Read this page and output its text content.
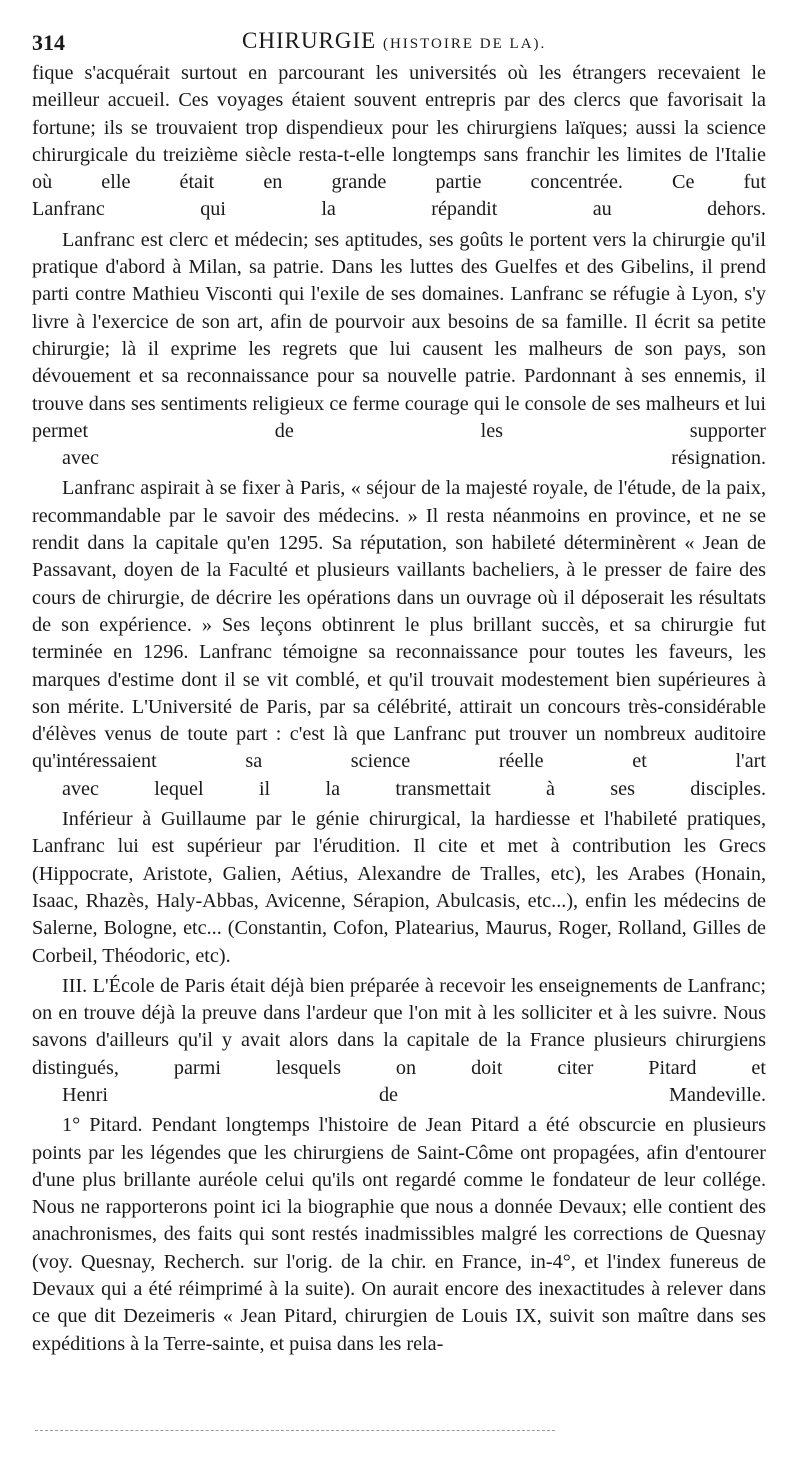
314	CHIRURGIE (HISTOIRE DE LA).

fique s'acquérait surtout en parcourant les universités où les étrangers recevaient le meilleur accueil. Ces voyages étaient souvent entrepris par des clercs que favorisait la fortune; ils se trouvaient trop dispendieux pour les chirurgiens laïques; aussi la science chirurgicale du treizième siècle resta-t-elle longtemps sans franchir les limites de l'Italie où elle était en grande partie concentrée. Ce fut
Lanfranc qui la répandit au dehors.

Lanfranc est clerc et médecin; ses aptitudes, ses goûts le portent vers la chirurgie qu'il pratique d'abord à Milan, sa patrie. Dans les luttes des Guelfes et des Gibelins, il prend parti contre Mathieu Visconti qui l'exile de ses domaines. Lanfranc se réfugie à Lyon, s'y livre à l'exercice de son art, afin de pourvoir aux besoins de sa famille. Il écrit sa petite chirurgie; là il exprime les regrets que lui causent les malheurs de son pays, son dévouement et sa reconnaissance pour sa nouvelle patrie. Pardonnant à ses ennemis, il trouve dans ses sentiments religieux ce ferme courage qui le console de ses malheurs et lui permet de les supporter
avec résignation.

Lanfranc aspirait à se fixer à Paris, « séjour de la majesté royale, de l'étude, de la paix, recommandable par le savoir des médecins. » Il resta néanmoins en province, et ne se rendit dans la capitale qu'en 1295. Sa réputation, son habileté déterminèrent « Jean de Passavant, doyen de la Faculté et plusieurs vaillants bacheliers, à le presser de faire des cours de chirurgie, de décrire les opérations dans un ouvrage où il déposerait les résultats de son expérience. » Ses leçons obtinrent le plus brillant succès, et sa chirurgie fut terminée en 1296. Lanfranc témoigne sa reconnaissance pour toutes les faveurs, les marques d'estime dont il se vit comblé, et qu'il trouvait modestement bien supérieures à son mérite. L'Université de Paris, par sa célébrité, attirait un concours très-considérable d'élèves venus de toute part : c'est là que Lanfranc put trouver un nombreux auditoire qu'intéressaient sa science réelle et l'art
avec lequel il la transmettait à ses disciples.

Inférieur à Guillaume par le génie chirurgical, la hardiesse et l'habileté pratiques, Lanfranc lui est supérieur par l'érudition. Il cite et met à contribution les Grecs (Hippocrate, Aristote, Galien, Aétius, Alexandre de Tralles, etc), les Arabes (Honain, Isaac, Rhazès, Haly-Abbas, Avicenne, Sérapion, Abulcasis, etc...), enfin les médecins de Salerne, Bologne, etc... (Constantin, Cofon, Platearius, Maurus, Roger, Rolland, Gilles de Corbeil, Théodoric, etc).

III. L'École de Paris était déjà bien préparée à recevoir les enseignements de Lanfranc; on en trouve déjà la preuve dans l'ardeur que l'on mit à les solliciter et à les suivre. Nous savons d'ailleurs qu'il y avait alors dans la capitale de la France plusieurs chirurgiens distingués, parmi lesquels on doit citer Pitard et
Henri de Mandeville.

1° Pitard. Pendant longtemps l'histoire de Jean Pitard a été obscurcie en plusieurs points par les légendes que les chirurgiens de Saint-Côme ont propagées, afin d'entourer d'une plus brillante auréole celui qu'ils ont regardé comme le fondateur de leur collége. Nous ne rapporterons point ici la biographie que nous a donnée Devaux; elle contient des anachronismes, des faits qui sont restés inadmissibles malgré les corrections de Quesnay (voy. Quesnay, Recherch. sur l'orig. de la chir. en France, in-4°, et l'index funereus de Devaux qui a été réimprimé à la suite). On aurait encore des inexactitudes à relever dans ce que dit Dezeimeris « Jean Pitard, chirurgien de Louis IX, suivit son maître dans ses expéditions à la Terre-sainte, et puisa dans les rela-
